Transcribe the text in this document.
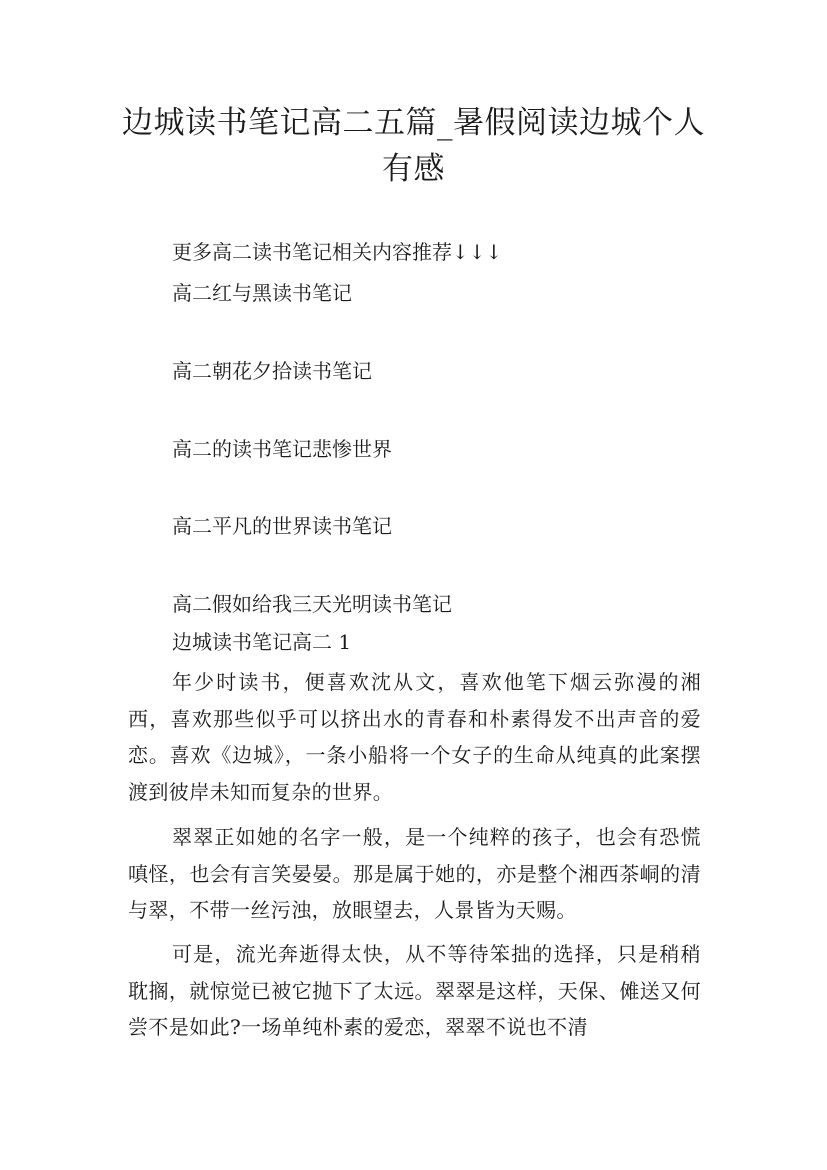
边城读书笔记高二五篇_暑假阅读边城个人有感

更多高二读书笔记相关内容推荐↓↓↓

高二红与黑读书笔记

高二朝花夕拾读书笔记

高二的读书笔记悲惨世界

高二平凡的世界读书笔记

高二假如给我三天光明读书笔记

边城读书笔记高二 1

年少时读书，便喜欢沈从文，喜欢他笔下烟云弥漫的湘西，喜欢那些似乎可以挤出水的青春和朴素得发不出声音的爱恋。喜欢《边城》，一条小船将一个女子的生命从纯真的此案摆渡到彼岸未知而复杂的世界。

翠翠正如她的名字一般，是一个纯粹的孩子，也会有恐慌嗔怪，也会有言笑晏晏。那是属于她的，亦是整个湘西茶峒的清与翠，不带一丝污浊，放眼望去，人景皆为天赐。

可是，流光奔逝得太快，从不等待笨拙的选择，只是稍稍耽搁，就惊觉已被它抛下了太远。翠翠是这样，天保、傩送又何尝不是如此?一场单纯朴素的爱恋，翠翠不说也不清
